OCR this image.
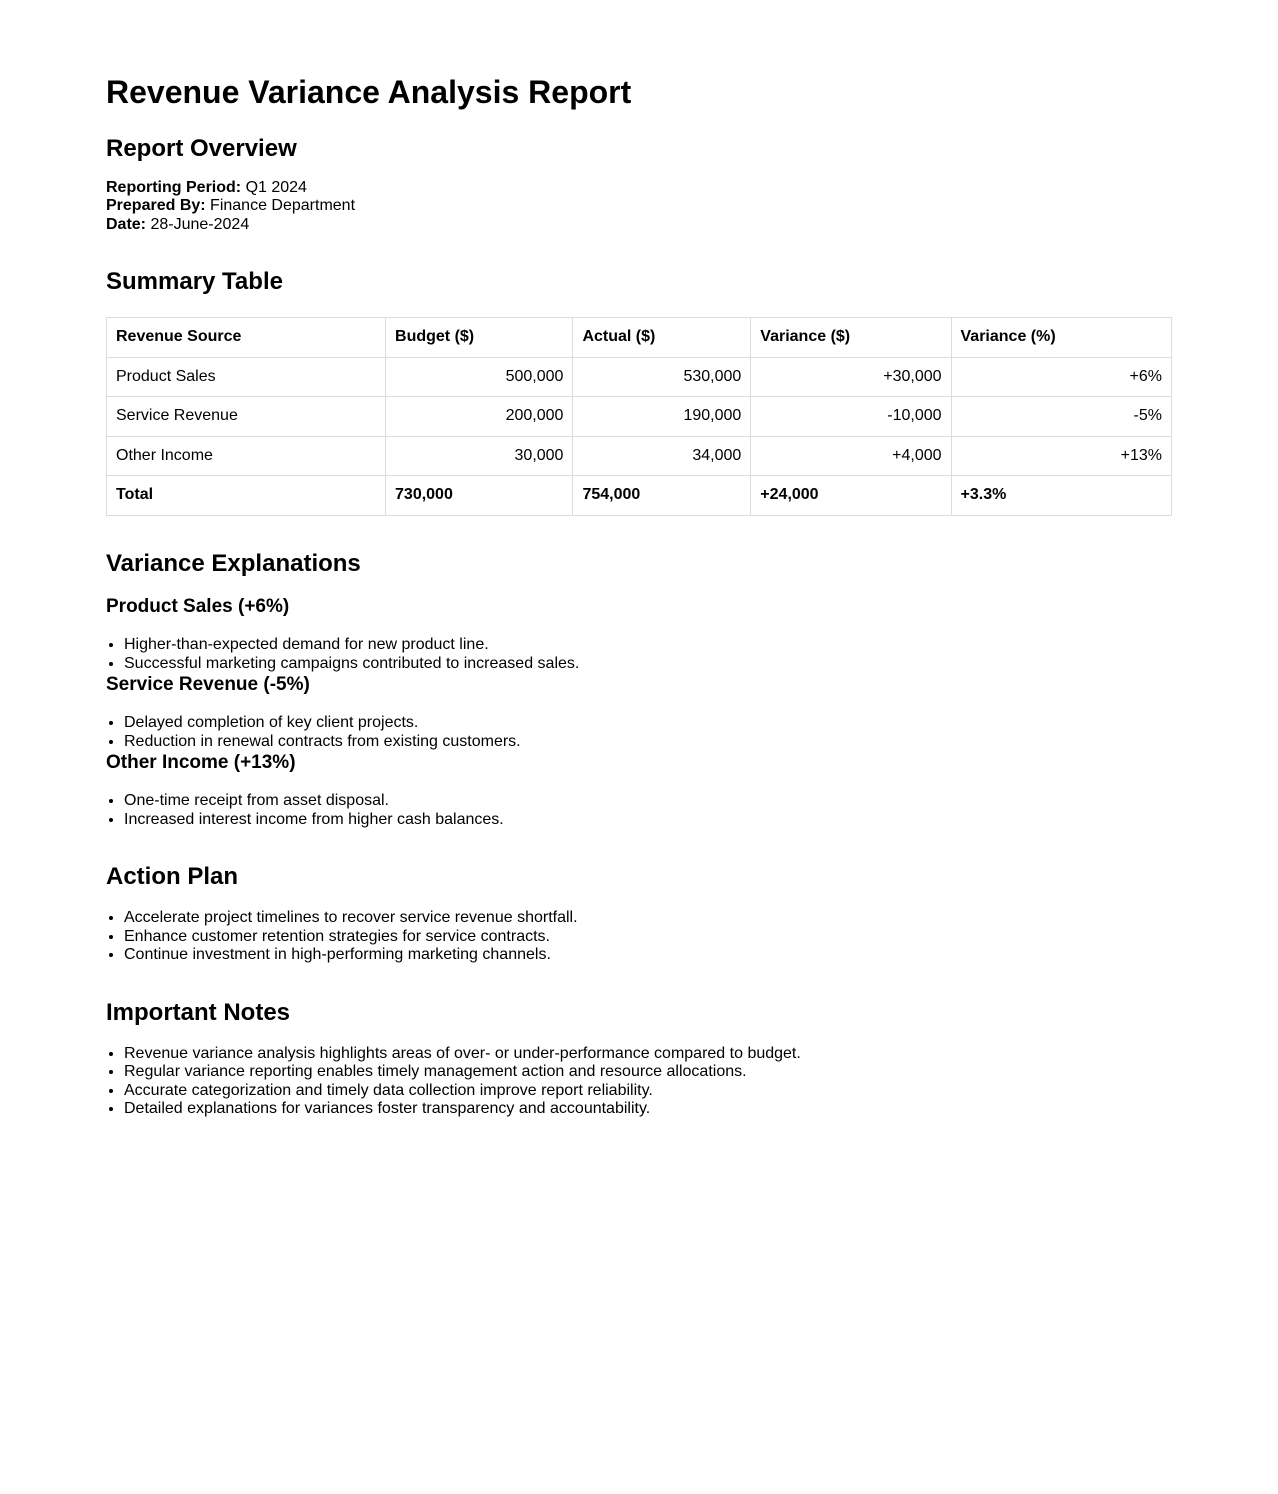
Revenue Variance Analysis Report
Report Overview

Reporting Period: Q1 2024
Prepared By: Finance Department
Date: 28-June-2024

Summary Table
Revenue Source	Budget ($)	Actual ($)	Variance ($)	Variance (%)
Product Sales	500,000	530,000	+30,000	+6%
Service Revenue	200,000	190,000	-10,000	-5%
Other Income	30,000	34,000	+4,000	+13%
Total	730,000	754,000	+24,000	+3.3%
Variance Explanations
Product Sales (+6%)
• Higher-than-expected demand for new product line.
• Successful marketing campaigns contributed to increased sales.
Service Revenue (-5%)
• Delayed completion of key client projects.
• Reduction in renewal contracts from existing customers.
Other Income (+13%)
• One-time receipt from asset disposal.
• Increased interest income from higher cash balances.
Action Plan
• Accelerate project timelines to recover service revenue shortfall.
• Enhance customer retention strategies for service contracts.
• Continue investment in high-performing marketing channels.
Important Notes
• Revenue variance analysis highlights areas of over- or under-performance compared to budget.
• Regular variance reporting enables timely management action and resource allocations.
• Accurate categorization and timely data collection improve report reliability.
• Detailed explanations for variances foster transparency and accountability.
